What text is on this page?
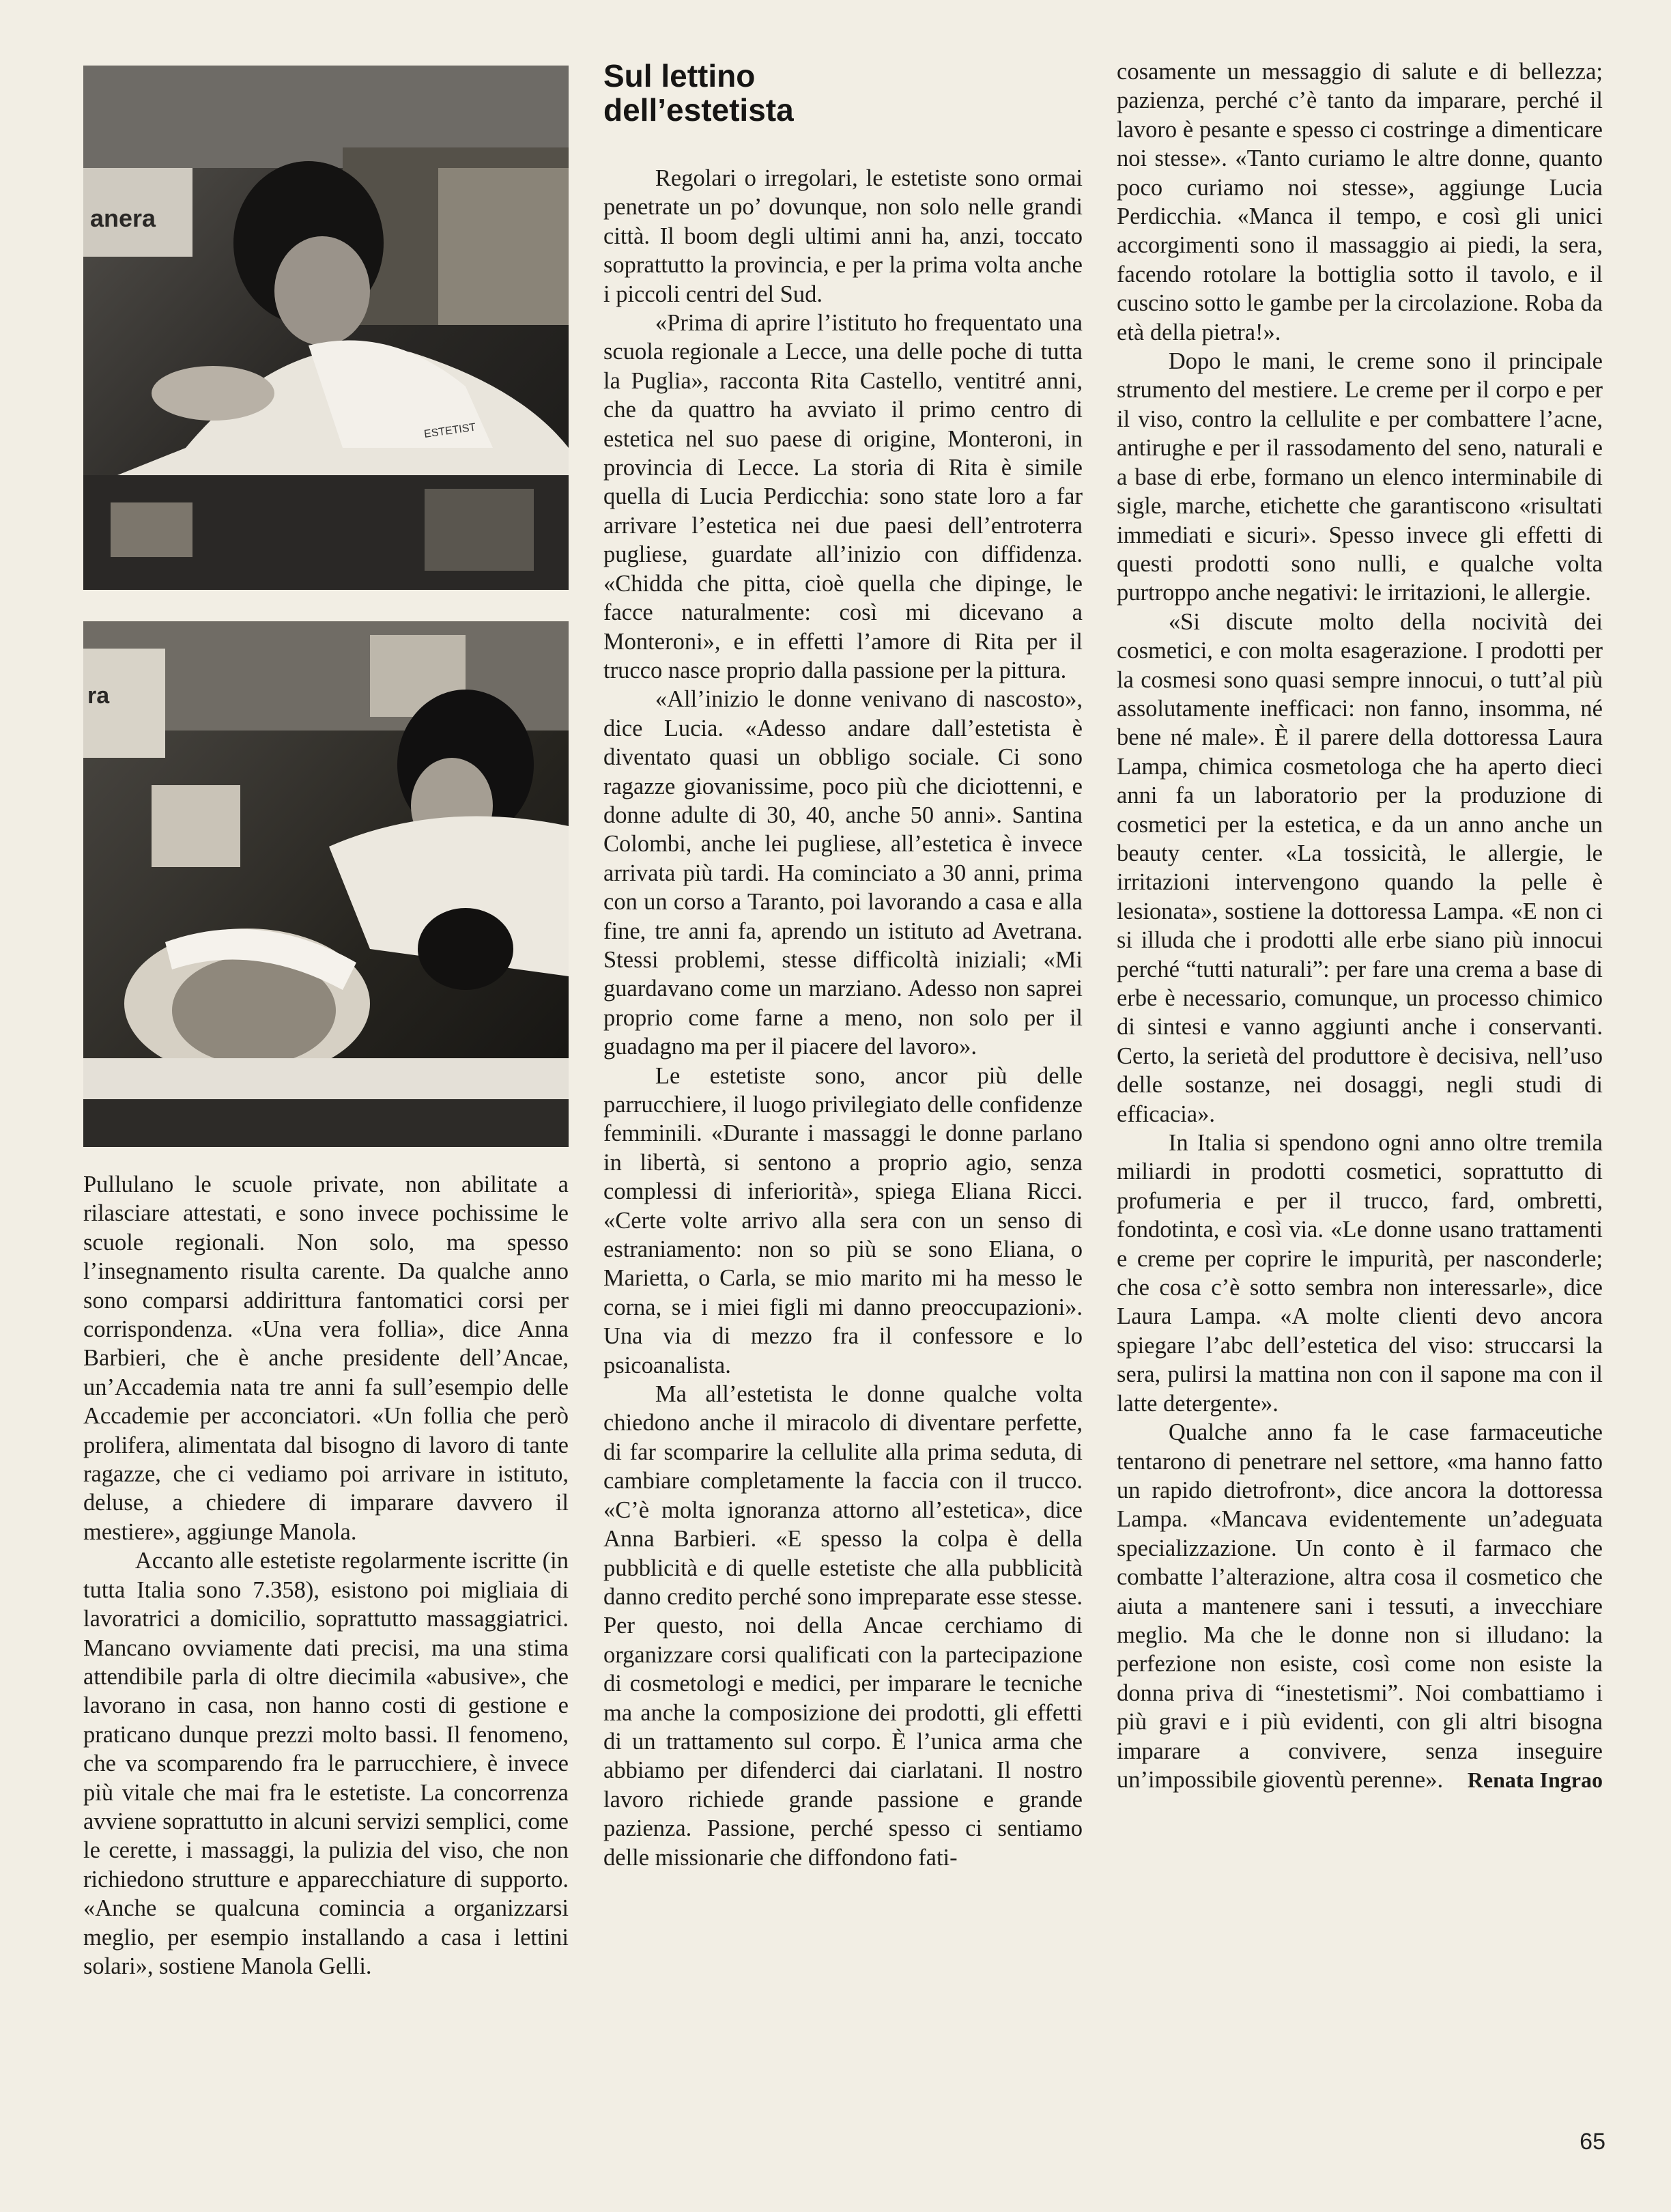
anera
ESTETIST
ra
Sul lettino
dell’estetista

Pullulano le scuole private, non abilitate a rilasciare attestati, e sono invece pochissime le scuole regionali. Non solo, ma spesso l’insegnamento risulta carente. Da qualche anno sono comparsi addirittura fantomatici corsi per corrispondenza. «Una vera follia», dice Anna Barbieri, che è anche presidente dell’Ancae, un’Accademia nata tre anni fa sull’esempio delle Accademie per acconciatori. «Un follia che però prolifera, alimentata dal bisogno di lavoro di tante ragazze, che ci vediamo poi arrivare in istituto, deluse, a chiedere di imparare davvero il mestiere», aggiunge Manola.

Accanto alle estetiste regolarmente iscritte (in tutta Italia sono 7.358), esistono poi migliaia di lavoratrici a domicilio, soprattutto massaggiatrici. Mancano ovviamente dati precisi, ma una stima attendibile parla di oltre diecimila «abusive», che lavorano in casa, non hanno costi di gestione e praticano dunque prezzi molto bassi. Il fenomeno, che va scomparendo fra le parrucchiere, è invece più vitale che mai fra le estetiste. La concorrenza avviene soprattutto in alcuni servizi semplici, come le cerette, i massaggi, la pulizia del viso, che non richiedono strutture e apparecchiature di supporto. «Anche se qualcuna comincia a organizzarsi meglio, per esempio installando a casa i lettini solari», sostiene Manola Gelli.

Regolari o irregolari, le estetiste sono ormai penetrate un po’ dovunque, non solo nelle grandi città. Il boom degli ultimi anni ha, anzi, toccato soprattutto la provincia, e per la prima volta anche i piccoli centri del Sud.

«Prima di aprire l’istituto ho frequentato una scuola regionale a Lecce, una delle poche di tutta la Puglia», racconta Rita Castello, ventitré anni, che da quattro ha avviato il primo centro di estetica nel suo paese di origine, Monteroni, in provincia di Lecce. La storia di Rita è simile quella di Lucia Perdicchia: sono state loro a far arrivare l’estetica nei due paesi dell’entroterra pugliese, guardate all’inizio con diffidenza. «Chidda che pitta, cioè quella che dipinge, le facce naturalmente: così mi dicevano a Monteroni», e in effetti l’amore di Rita per il trucco nasce proprio dalla passione per la pittura.

«All’inizio le donne venivano di nascosto», dice Lucia. «Adesso andare dall’estetista è diventato quasi un obbligo sociale. Ci sono ragazze giovanissime, poco più che diciottenni, e donne adulte di 30, 40, anche 50 anni». Santina Colombi, anche lei pugliese, all’estetica è invece arrivata più tardi. Ha cominciato a 30 anni, prima con un corso a Taranto, poi lavorando a casa e alla fine, tre anni fa, aprendo un istituto ad Avetrana. Stessi problemi, stesse difficoltà iniziali; «Mi guardavano come un marziano. Adesso non saprei proprio come farne a meno, non solo per il guadagno ma per il piacere del lavoro».

Le estetiste sono, ancor più delle parrucchiere, il luogo privilegiato delle confidenze femminili. «Durante i massaggi le donne parlano in libertà, si sentono a proprio agio, senza complessi di inferiorità», spiega Eliana Ricci. «Certe volte arrivo alla sera con un senso di estraniamento: non so più se sono Eliana, o Marietta, o Carla, se mio marito mi ha messo le corna, se i miei figli mi danno preoccupazioni». Una via di mezzo fra il confessore e lo psicoanalista.

Ma all’estetista le donne qualche volta chiedono anche il miracolo di diventare perfette, di far scomparire la cellulite alla prima seduta, di cambiare completamente la faccia con il trucco. «C’è molta ignoranza attorno all’estetica», dice Anna Barbieri. «E spesso la colpa è della pubblicità e di quelle estetiste che alla pubblicità danno credito perché sono impreparate esse stesse. Per questo, noi della Ancae cerchiamo di organizzare corsi qualificati con la partecipazione di cosmetologi e medici, per imparare le tecniche ma anche la composizione dei prodotti, gli effetti di un trattamento sul corpo. È l’unica arma che abbiamo per difenderci dai ciarlatani. Il nostro lavoro richiede grande passione e grande pazienza. Passione, perché spesso ci sentiamo delle missionarie che diffondono fati-

cosamente un messaggio di salute e di bellezza; pazienza, perché c’è tanto da imparare, perché il lavoro è pesante e spesso ci costringe a dimenticare noi stesse». «Tanto curiamo le altre donne, quanto poco curiamo noi stesse», aggiunge Lucia Perdicchia. «Manca il tempo, e così gli unici accorgimenti sono il massaggio ai piedi, la sera, facendo rotolare la bottiglia sotto il tavolo, e il cuscino sotto le gambe per la circolazione. Roba da età della pietra!».

Dopo le mani, le creme sono il principale strumento del mestiere. Le creme per il corpo e per il viso, contro la cellulite e per combattere l’acne, antirughe e per il rassodamento del seno, naturali e a base di erbe, formano un elenco interminabile di sigle, marche, etichette che garantiscono «risultati immediati e sicuri». Spesso invece gli effetti di questi prodotti sono nulli, e qualche volta purtroppo anche negativi: le irritazioni, le allergie.

«Si discute molto della nocività dei cosmetici, e con molta esagerazione. I prodotti per la cosmesi sono quasi sempre innocui, o tutt’al più assolutamente inefficaci: non fanno, insomma, né bene né male». È il parere della dottoressa Laura Lampa, chimica cosmetologa che ha aperto dieci anni fa un laboratorio per la produzione di cosmetici per la estetica, e da un anno anche un beauty center. «La tossicità, le allergie, le irritazioni intervengono quando la pelle è lesionata», sostiene la dottoressa Lampa. «E non ci si illuda che i prodotti alle erbe siano più innocui perché “tutti naturali”: per fare una crema a base di erbe è necessario, comunque, un processo chimico di sintesi e vanno aggiunti anche i conservanti. Certo, la serietà del produttore è decisiva, nell’uso delle sostanze, nei dosaggi, negli studi di efficacia».

In Italia si spendono ogni anno oltre tremila miliardi in prodotti cosmetici, soprattutto di profumeria e per il trucco, fard, ombretti, fondotinta, e così via. «Le donne usano trattamenti e creme per coprire le impurità, per nasconderle; che cosa c’è sotto sembra non interessarle», dice Laura Lampa. «A molte clienti devo ancora spiegare l’abc dell’estetica del viso: struccarsi la sera, pulirsi la mattina non con il sapone ma con il latte detergente».

Qualche anno fa le case farmaceutiche tentarono di penetrare nel settore, «ma hanno fatto un rapido dietrofront», dice ancora la dottoressa Lampa. «Mancava evidentemente un’adeguata specializzazione. Un conto è il farmaco che combatte l’alterazione, altra cosa il cosmetico che aiuta a mantenere sani i tessuti, a invecchiare meglio. Ma che le donne non si illudano: la perfezione non esiste, così come non esiste la donna priva di “inestetismi”. Noi combattiamo i più gravi e i più evidenti, con gli altri bisogna imparare a convivere, senza inseguire un’impossibile gioventù perenne». Renata Ingrao

65
